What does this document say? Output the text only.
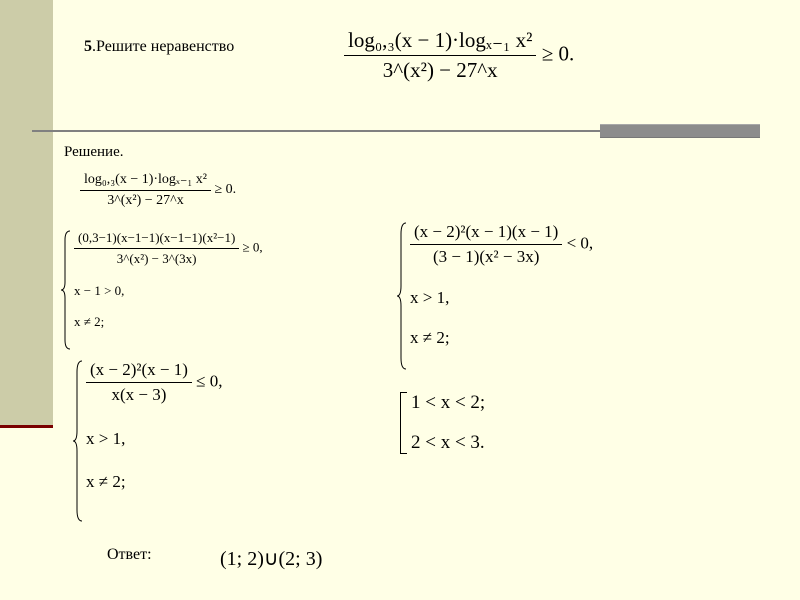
5.Решите неравенство	$\frac{\text{log₀,₃(x − 1)·logₓ₋₁ x²}}{\text{3\textasciicircum{}(x²) − 27\textasciicircum{}x}} \ge 0$.
Решение.
$\frac{\text{log₀,₃(x − 1)·logₓ₋₁ x²}}{\text{3\textasciicircum{}(x²) − 27\textasciicircum{}x}} \ge 0$.
$\frac{\text{(0,3−1)(x−1−1)(x−1−1)(x²−1)}}{\text{3\textasciicircum{}(x²) − 3\textasciicircum{}(3x)}} \ge 0$,
x − 1 > 0,
x ≠ 2;
$\frac{\text{(x − 2)²(x − 1)(x − 1)}}{\text{(3 − 1)(x² − 3x)}} < 0$,
x > 1,
x ≠ 2;
$\frac{\text{(x − 2)²(x − 1)}}{x(x - 3)} \le 0$,
x > 1,
x ≠ 2;
1 < x < 2;
2 < x < 3.
Ответ:	(1; 2)∪(2; 3)
